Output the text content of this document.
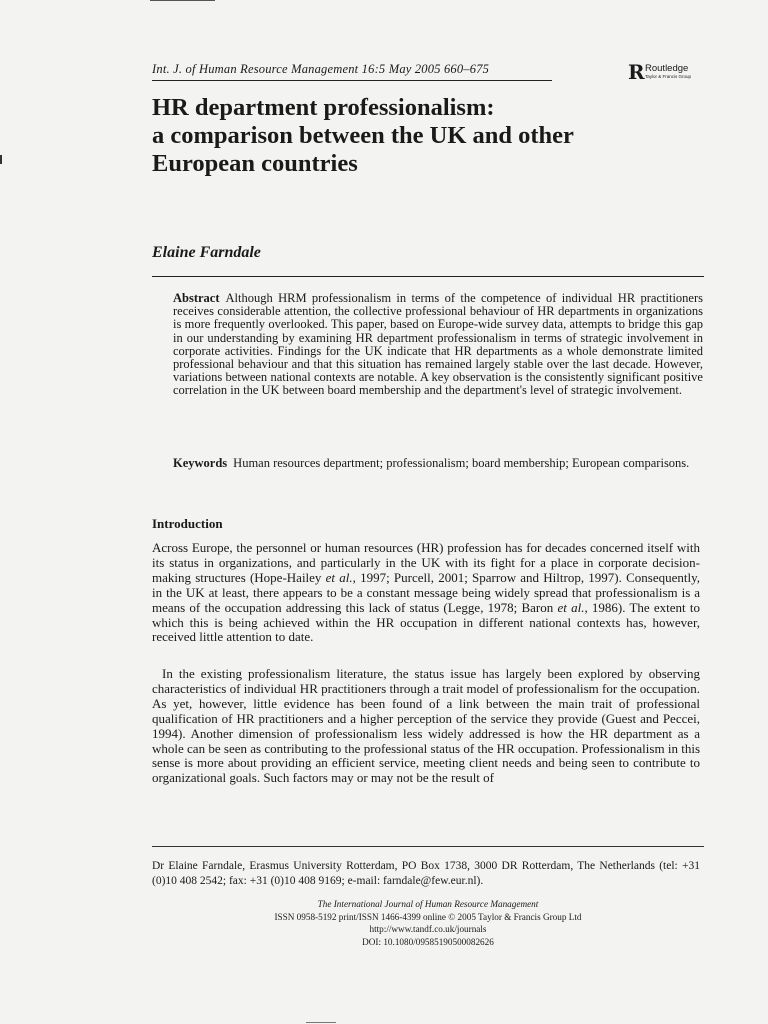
Int. J. of Human Resource Management 16:5 May 2005 660–675	R Routledge
Taylor & Francis Group
HR department professionalism:
a comparison between the UK and other
European countries
Elaine Farndale

Abstract Although HRM professionalism in terms of the competence of individual HR practitioners receives considerable attention, the collective professional behaviour of HR departments in organizations is more frequently overlooked. This paper, based on Europe-wide survey data, attempts to bridge this gap in our understanding by examining HR department professionalism in terms of strategic involvement in corporate activities. Findings for the UK indicate that HR departments as a whole demonstrate limited professional behaviour and that this situation has remained largely stable over the last decade. However, variations between national contexts are notable. A key observation is the consistently significant positive correlation in the UK between board membership and the department's level of strategic involvement.

Keywords Human resources department; professionalism; board membership; European comparisons.

Introduction

Across Europe, the personnel or human resources (HR) profession has for decades concerned itself with its status in organizations, and particularly in the UK with its fight for a place in corporate decision-making structures (Hope-Hailey et al., 1997; Purcell, 2001; Sparrow and Hiltrop, 1997). Consequently, in the UK at least, there appears to be a constant message being widely spread that professionalism is a means of the occupation addressing this lack of status (Legge, 1978; Baron et al., 1986). The extent to which this is being achieved within the HR occupation in different national contexts has, however, received little attention to date.

In the existing professionalism literature, the status issue has largely been explored by observing characteristics of individual HR practitioners through a trait model of professionalism for the occupation. As yet, however, little evidence has been found of a link between the main trait of professional qualification of HR practitioners and a higher perception of the service they provide (Guest and Peccei, 1994). Another dimension of professionalism less widely addressed is how the HR department as a whole can be seen as contributing to the professional status of the HR occupation. Professionalism in this sense is more about providing an efficient service, meeting client needs and being seen to contribute to organizational goals. Such factors may or may not be the result of

Dr Elaine Farndale, Erasmus University Rotterdam, PO Box 1738, 3000 DR Rotterdam, The Netherlands (tel: +31 (0)10 408 2542; fax: +31 (0)10 408 9169; e-mail: farndale@few.eur.nl).

The International Journal of Human Resource Management
ISSN 0958-5192 print/ISSN 1466-4399 online © 2005 Taylor & Francis Group Ltd
http://www.tandf.co.uk/journals
DOI: 10.1080/09585190500082626
